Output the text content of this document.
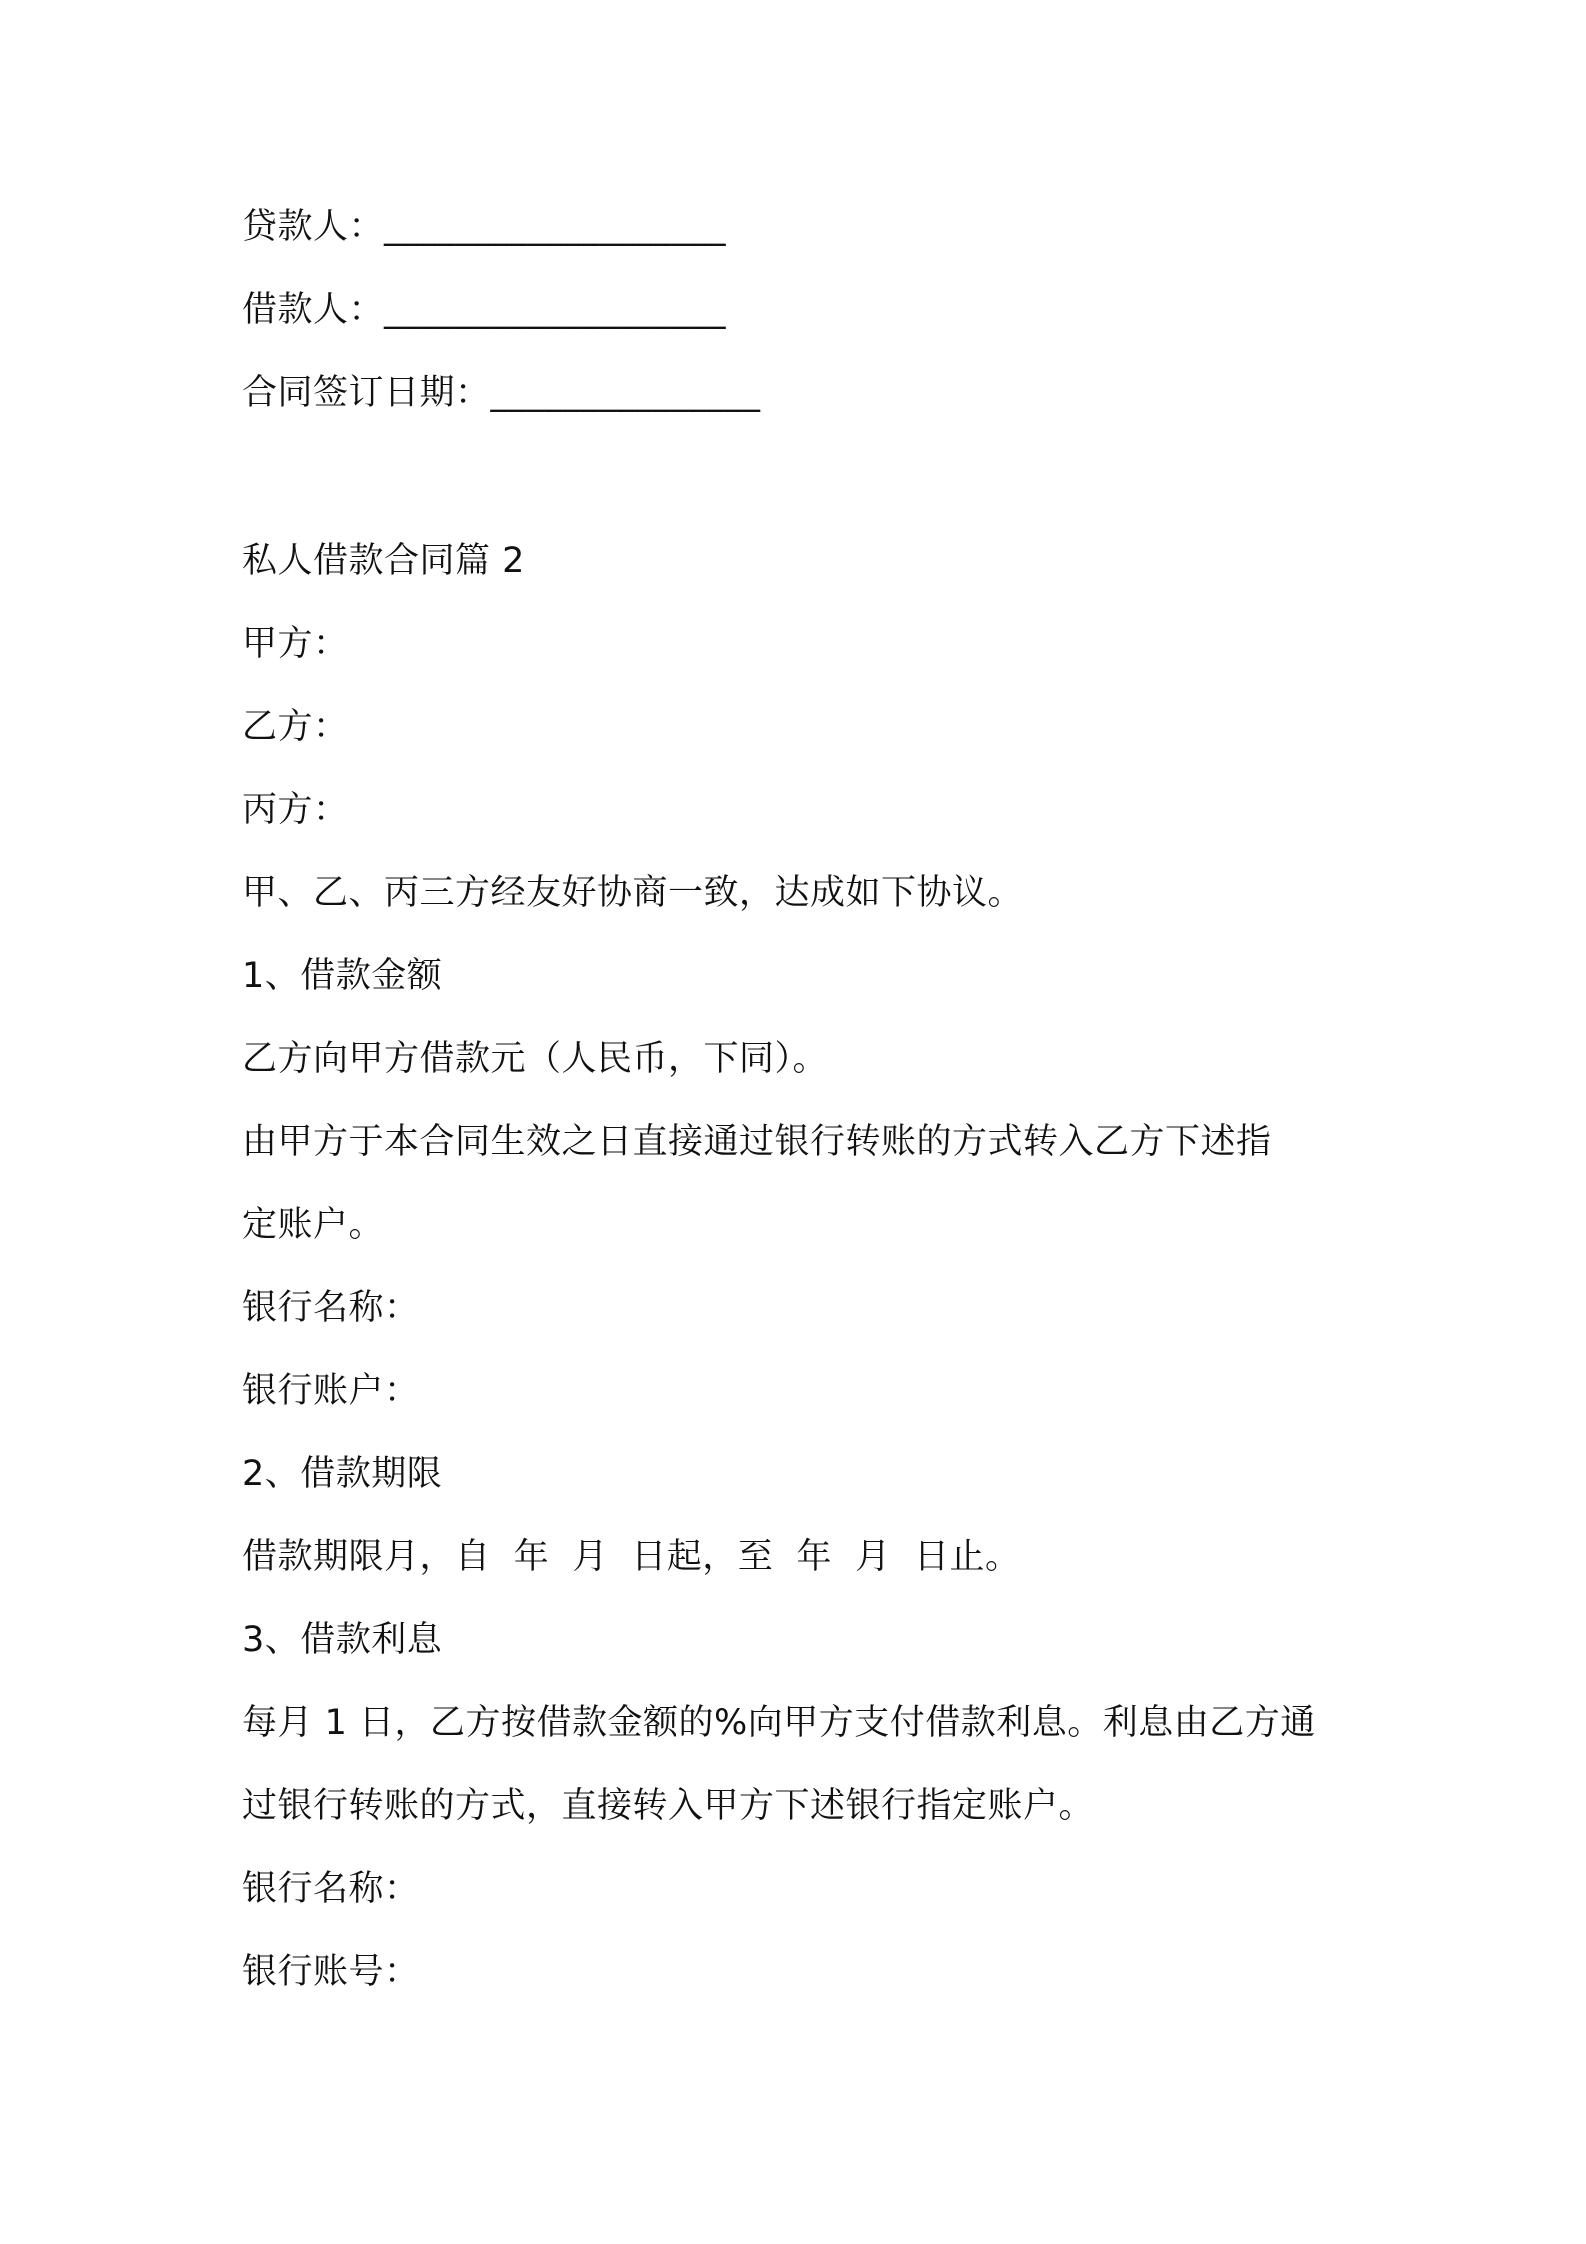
贷款人：___________________
借款人：___________________
合同签订日期：_______________
私人借款合同篇 2
甲方：
乙方：
丙方：
甲、乙、丙三方经友好协商一致，达成如下协议。
1、借款金额
乙方向甲方借款元（人民币，下同）。
由甲方于本合同生效之日直接通过银行转账的方式转入乙方下述指
定账户。
银行名称：
银行账户：
2、借款期限
借款期限月，自  年  月  日起，至  年  月  日止。
3、借款利息
每月 1 日，乙方按借款金额的%向甲方支付借款利息。利息由乙方通
过银行转账的方式，直接转入甲方下述银行指定账户。
银行名称：
银行账号：
